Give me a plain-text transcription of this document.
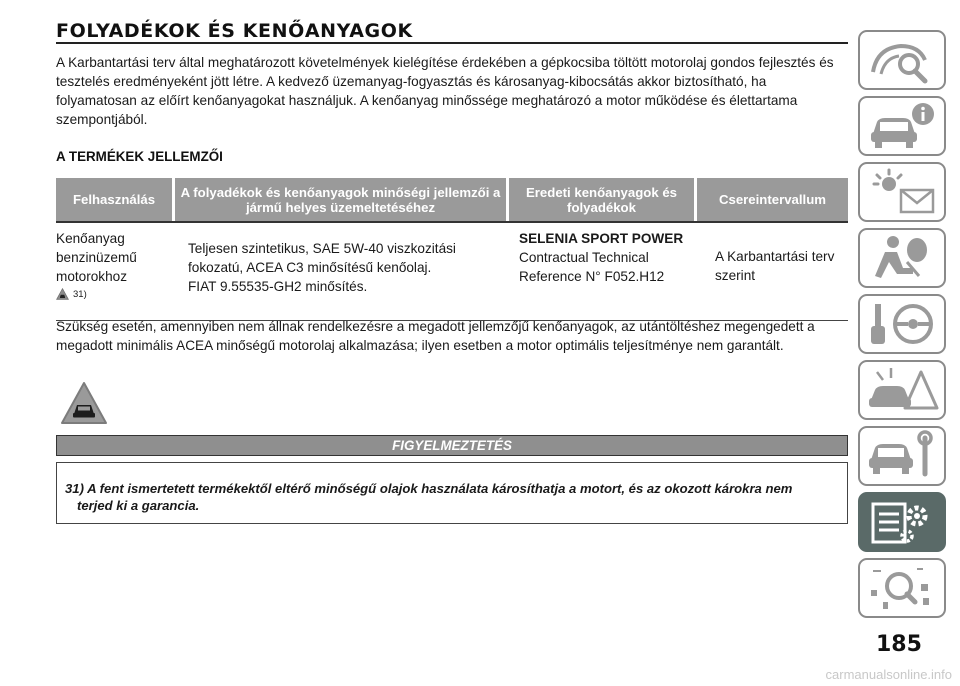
FOLYADÉKOK ÉS KENŐANYAGOK

A Karbantartási terv által meghatározott követelmények kielégítése érdekében a gépkocsiba töltött motorolaj gondos fejlesztés és tesztelés eredményeként jött létre. A kedvező üzemanyag-fogyasztás és károsanyag-kibocsátás akkor biztosítható, ha folyamatosan az előírt kenőanyagokat használjuk. A kenőanyag minőssége meghatározó a motor működése és élettartama szempontjából.

A TERMÉKEK JELLEMZŐI
Felhasználás	A folyadékok és kenőanyagok minőségi jellemzői a jármű helyes üzemeltetéséhez
Eredeti kenőanyagok és folyadékok	Csereintervallum
Kenőanyag benzinüzemű motorokhoz
31)
Teljesen szintetikus, SAE 5W-40 viszkozitási
fokozatú, ACEA C3 minősítésű kenőolaj.
FIAT 9.55535-GH2 minősítés.
SELENIA SPORT POWER
Contractual Technical Reference N° F052.H12
A Karbantartási terv szerint

Szükség esetén, amennyiben nem állnak rendelkezésre a megadott jellemzőjű kenőanyagok, az utántöltéshez megengedett a megadott minimális ACEA minőségű motorolaj alkalmazása; ilyen esetben a motor optimális teljesítménye nem garantált.

FIGYELMEZTETÉS
31) A fent ismertetett termékektől eltérő minőségű olajok használata károsíthatja a motort, és az okozott károkra nem
terjed ki a garancia.
185
carmanualsonline.info
